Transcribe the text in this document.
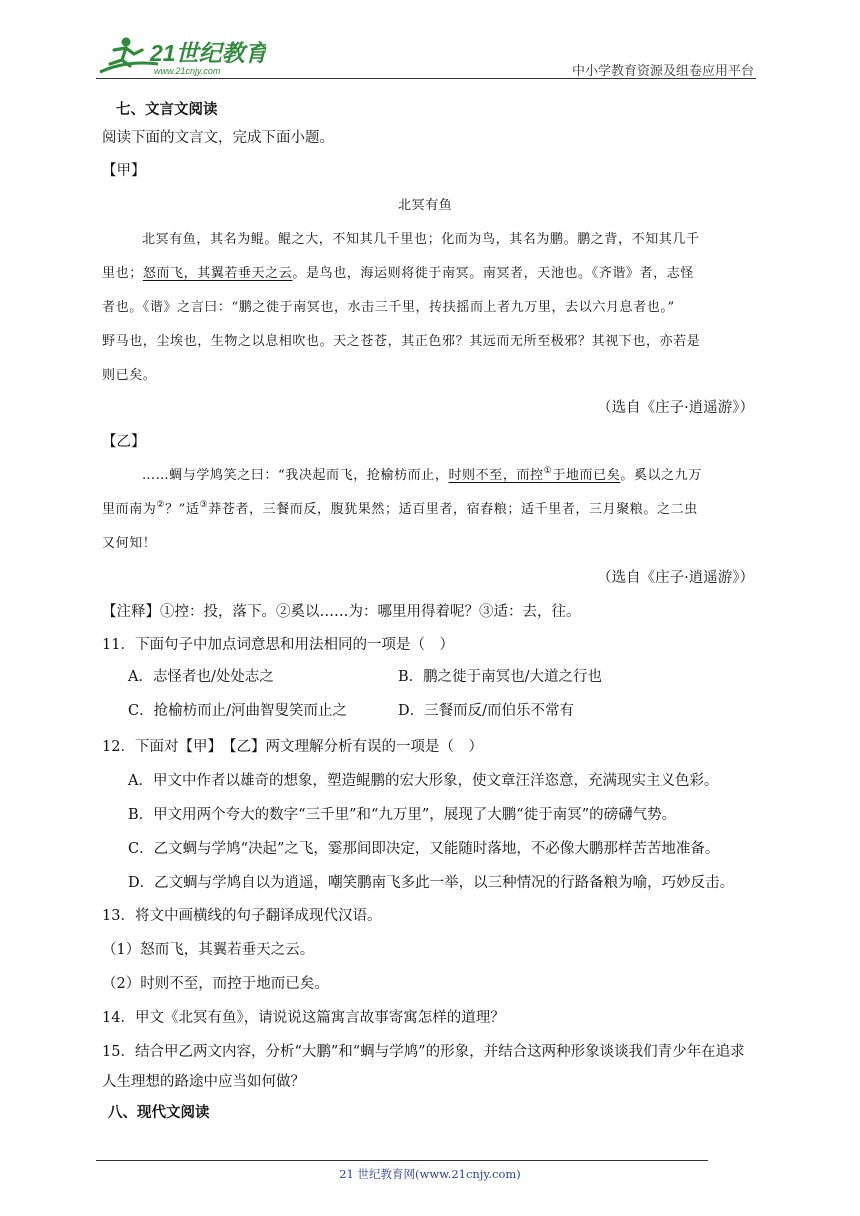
21世纪教育
www.21cnjy.com	中小学教育资源及组卷应用平台
七、文言文阅读
阅读下面的文言文，完成下面小题。
【甲】
北冥有鱼
北冥有鱼，其名为鲲。鲲之大，不知其几千里也；化而为鸟，其名为鹏。鹏之背，不知其几千
里也；怒而飞，其翼若垂天之云。是鸟也，海运则将徙于南冥。南冥者，天池也。《齐谐》者，志怪
者也。《谐》之言曰：“鹏之徙于南冥也，水击三千里，抟扶摇而上者九万里，去以六月息者也。”
野马也，尘埃也，生物之以息相吹也。天之苍苍，其正色邪？其远而无所至极邪？其视下也，亦若是
则已矣。
（选自《庄子·逍遥游》）
【乙】
……蜩与学鸠笑之曰：“我决起而飞，抢榆枋而止，时则不至，而控①于地而已矣。奚以之九万
里而南为②？”适③莽苍者，三餐而反，腹犹果然；适百里者，宿舂粮；适千里者，三月聚粮。之二虫
又何知！
（选自《庄子·逍遥游》）
【注释】①控：投，落下。②奚以……为：哪里用得着呢？③适：去，往。
11．下面句子中加点词意思和用法相同的一项是（　）
A．志怪者也/处处志之	B．鹏之徙于南冥也/大道之行也
C．抢榆枋而止/河曲智叟笑而止之	D．三餐而反/而伯乐不常有
12．下面对【甲】　【乙】两文理解分析有误的一项是（　）
A．甲文中作者以雄奇的想象，塑造鲲鹏的宏大形象，使文章汪洋恣意，充满现实主义色彩。
B．甲文用两个夸大的数字“三千里”和“九万里”，展现了大鹏“徙于南冥”的磅礴气势。
C．乙文蜩与学鸠“决起”之飞，霎那间即决定，又能随时落地，不必像大鹏那样苦苦地准备。
D．乙文蜩与学鸠自以为逍遥，嘲笑鹏南飞多此一举，以三种情况的行路备粮为喻，巧妙反击。
13．将文中画横线的句子翻译成现代汉语。
（1）怒而飞，其翼若垂天之云。
（2）时则不至，而控于地而已矣。
14．甲文《北冥有鱼》，请说说这篇寓言故事寄寓怎样的道理？
15．结合甲乙两文内容，分析“大鹏”和“蜩与学鸠”的形象，并结合这两种形象谈谈我们青少年在追求
人生理想的路途中应当如何做？
八、现代文阅读
21 世纪教育网(www.21cnjy.com)
